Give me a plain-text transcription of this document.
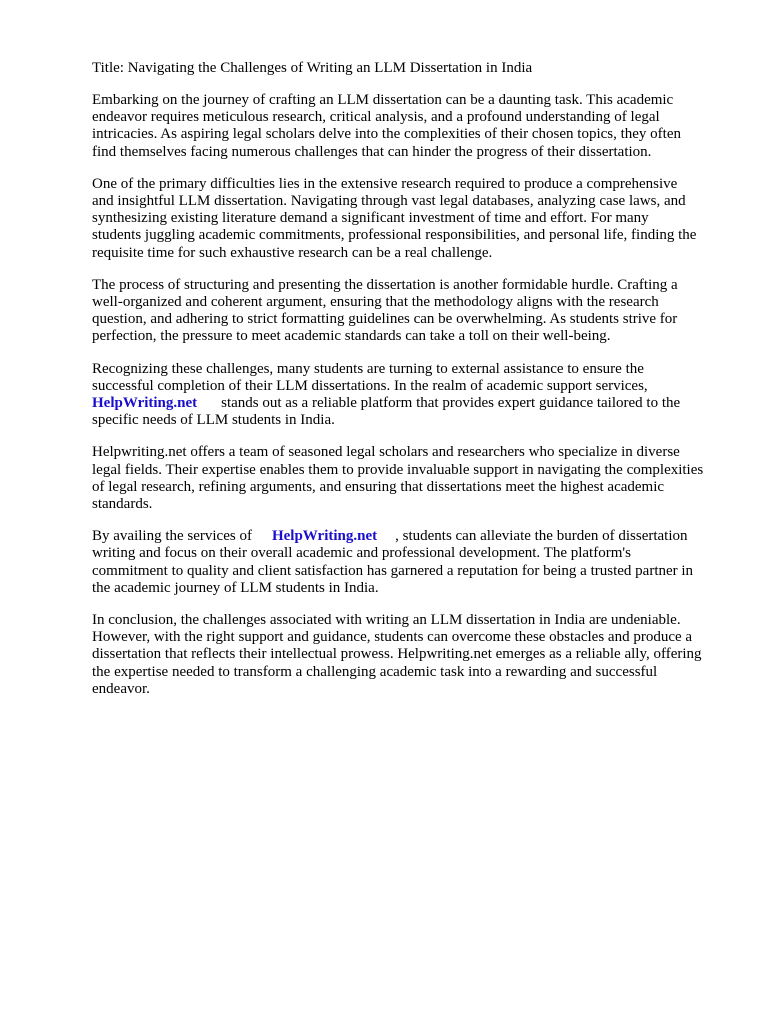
Title: Navigating the Challenges of Writing an LLM Dissertation in India
Embarking on the journey of crafting an LLM dissertation can be a daunting task. This academic
endeavor requires meticulous research, critical analysis, and a profound understanding of legal
intricacies. As aspiring legal scholars delve into the complexities of their chosen topics, they often
find themselves facing numerous challenges that can hinder the progress of their dissertation.
One of the primary difficulties lies in the extensive research required to produce a comprehensive
and insightful LLM dissertation. Navigating through vast legal databases, analyzing case laws, and
synthesizing existing literature demand a significant investment of time and effort. For many
students juggling academic commitments, professional responsibilities, and personal life, finding the
requisite time for such exhaustive research can be a real challenge.
The process of structuring and presenting the dissertation is another formidable hurdle. Crafting a
well-organized and coherent argument, ensuring that the methodology aligns with the research
question, and adhering to strict formatting guidelines can be overwhelming. As students strive for
perfection, the pressure to meet academic standards can take a toll on their well-being.
Recognizing these challenges, many students are turning to external assistance to ensure the
successful completion of their LLM dissertations. In the realm of academic support services,
HelpWriting.net stands out as a reliable platform that provides expert guidance tailored to the
specific needs of LLM students in India.
Helpwriting.net offers a team of seasoned legal scholars and researchers who specialize in diverse
legal fields. Their expertise enables them to provide invaluable support in navigating the complexities
of legal research, refining arguments, and ensuring that dissertations meet the highest academic
standards.
By availing the services of HelpWriting.net , students can alleviate the burden of dissertation
writing and focus on their overall academic and professional development. The platform's
commitment to quality and client satisfaction has garnered a reputation for being a trusted partner in
the academic journey of LLM students in India.
In conclusion, the challenges associated with writing an LLM dissertation in India are undeniable.
However, with the right support and guidance, students can overcome these obstacles and produce a
dissertation that reflects their intellectual prowess. Helpwriting.net emerges as a reliable ally, offering
the expertise needed to transform a challenging academic task into a rewarding and successful
endeavor.
